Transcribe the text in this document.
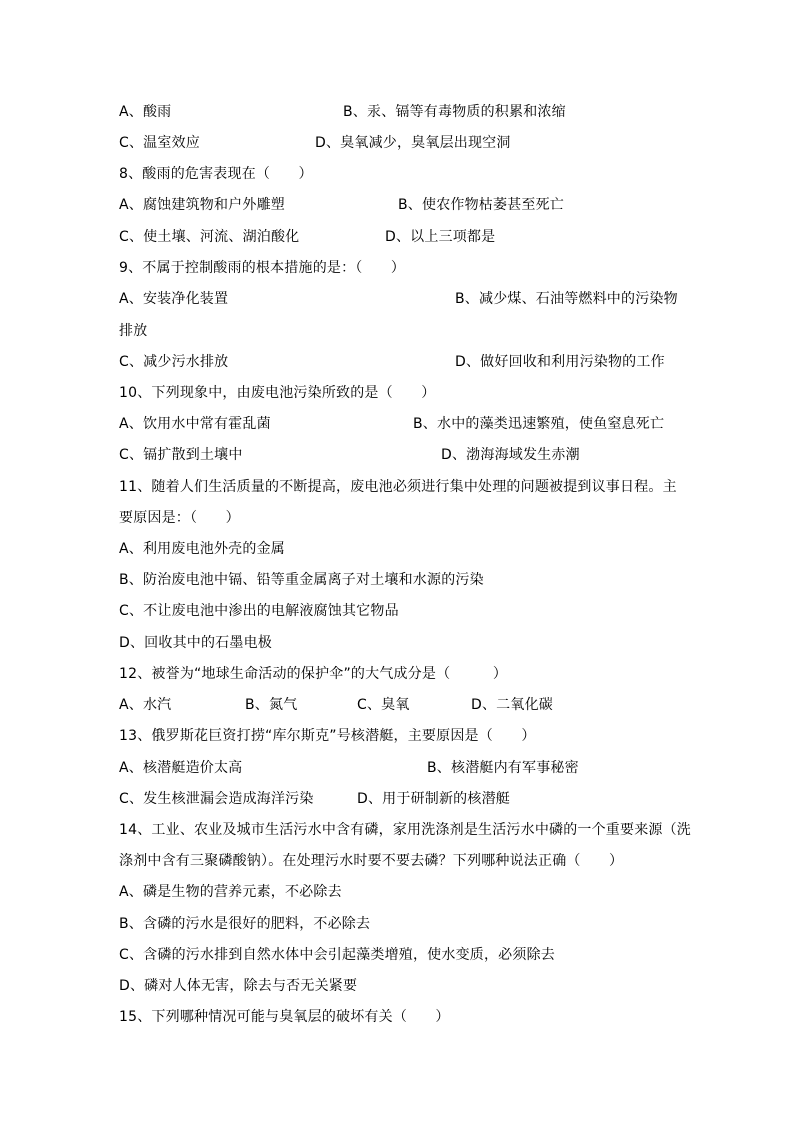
A、酸雨	B、汞、镉等有毒物质的积累和浓缩
C、温室效应	D、臭氧减少，臭氧层出现空洞
8、酸雨的危害表现在（　　）
A、腐蚀建筑物和户外雕塑	B、使农作物枯萎甚至死亡
C、使土壤、河流、湖泊酸化	D、以上三项都是
9、不属于控制酸雨的根本措施的是：（　　）
A、安装净化装置	B、减少煤、石油等燃料中的污染物
排放
C、减少污水排放	D、做好回收和利用污染物的工作
10、下列现象中，由废电池污染所致的是（　　）
A、饮用水中常有霍乱菌	B、水中的藻类迅速繁殖，使鱼窒息死亡
C、镉扩散到土壤中	D、渤海海域发生赤潮
11、随着人们生活质量的不断提高，废电池必须进行集中处理的问题被提到议事日程。主
要原因是：（　　）
A、利用废电池外壳的金属
B、防治废电池中镉、铅等重金属离子对土壤和水源的污染
C、不让废电池中渗出的电解液腐蚀其它物品
D、回收其中的石墨电极
12、被誉为“地球生命活动的保护伞”的大气成分是（　　　）
A、水汽	B、氮气	C、臭氧	D、二氧化碳
13、俄罗斯花巨资打捞“库尔斯克”号核潜艇，主要原因是（　　）
A、核潜艇造价太高	B、核潜艇内有军事秘密
C、发生核泄漏会造成海洋污染	D、用于研制新的核潜艇
14、工业、农业及城市生活污水中含有磷，家用洗涤剂是生活污水中磷的一个重要来源（洗
涤剂中含有三聚磷酸钠）。在处理污水时要不要去磷？下列哪种说法正确（　　）
A、磷是生物的营养元素，不必除去
B、含磷的污水是很好的肥料，不必除去
C、含磷的污水排到自然水体中会引起藻类增殖，使水变质，必须除去
D、磷对人体无害，除去与否无关紧要
15、下列哪种情况可能与臭氧层的破坏有关（　　）
